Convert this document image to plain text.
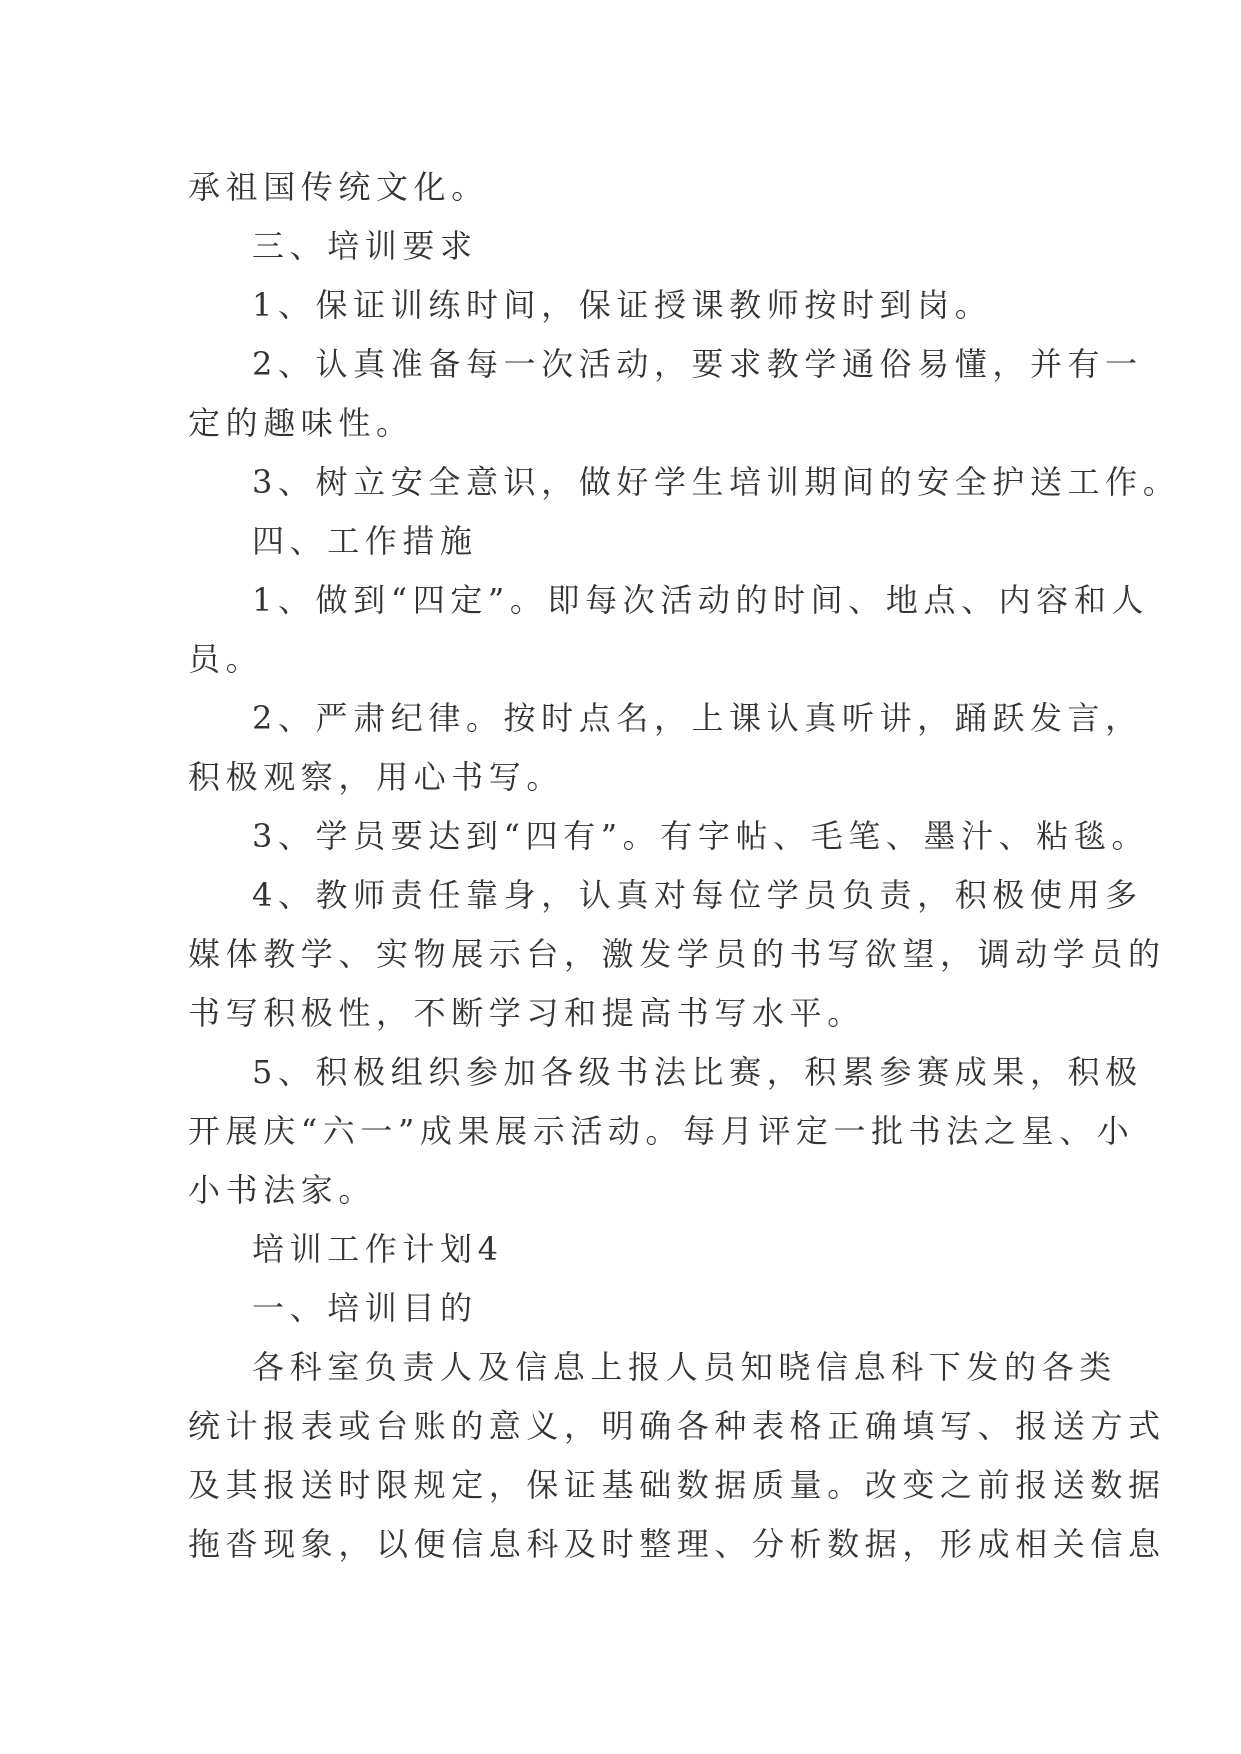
承祖国传统文化。

三、培训要求

1、保证训练时间，保证授课教师按时到岗。

2、认真准备每一次活动，要求教学通俗易懂，并有一

定的趣味性。

3、树立安全意识，做好学生培训期间的安全护送工作。

四、工作措施

1、做到“四定”。即每次活动的时间、地点、内容和人

员。

2、严肃纪律。按时点名，上课认真听讲，踊跃发言，

积极观察，用心书写。

3、学员要达到“四有”。有字帖、毛笔、墨汁、粘毯。

4、教师责任靠身，认真对每位学员负责，积极使用多

媒体教学、实物展示台，激发学员的书写欲望，调动学员的

书写积极性，不断学习和提高书写水平。

5、积极组织参加各级书法比赛，积累参赛成果，积极

开展庆“六一”成果展示活动。每月评定一批书法之星、小

小书法家。

培训工作计划4

一、培训目的

各科室负责人及信息上报人员知晓信息科下发的各类

统计报表或台账的意义，明确各种表格正确填写、报送方式

及其报送时限规定，保证基础数据质量。改变之前报送数据

拖沓现象，以便信息科及时整理、分析数据，形成相关信息
